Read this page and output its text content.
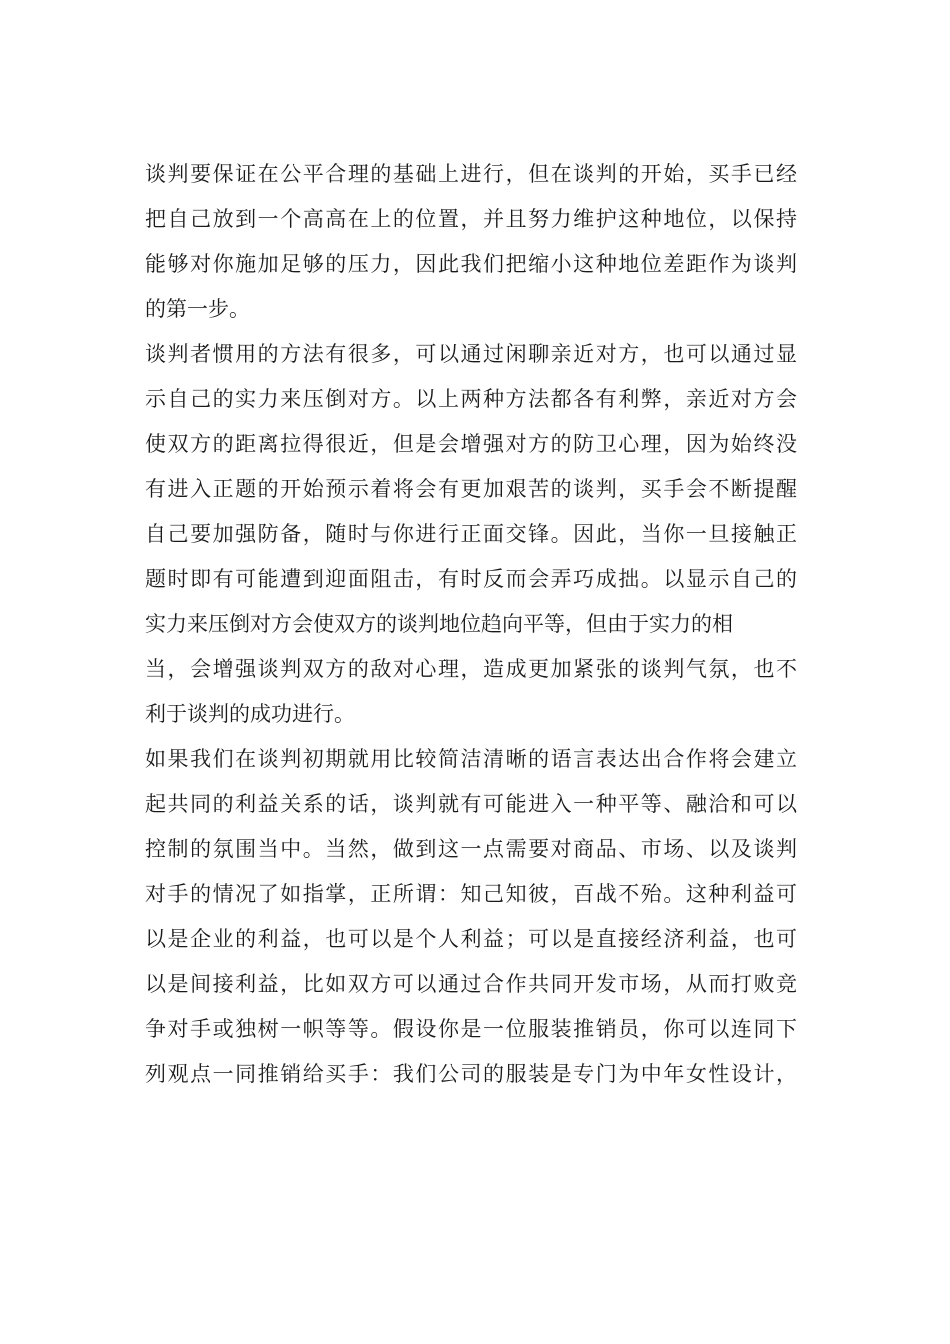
谈判要保证在公平合理的基础上进行，但在谈判的开始，买手已经
把自己放到一个高高在上的位置，并且努力维护这种地位，以保持
能够对你施加足够的压力，因此我们把缩小这种地位差距作为谈判
的第一步。
谈判者惯用的方法有很多，可以通过闲聊亲近对方，也可以通过显
示自己的实力来压倒对方。以上两种方法都各有利弊，亲近对方会
使双方的距离拉得很近，但是会增强对方的防卫心理，因为始终没
有进入正题的开始预示着将会有更加艰苦的谈判，买手会不断提醒
自己要加强防备，随时与你进行正面交锋。因此，当你一旦接触正
题时即有可能遭到迎面阻击，有时反而会弄巧成拙。以显示自己的
实力来压倒对方会使双方的谈判地位趋向平等，但由于实力的相
当，会增强谈判双方的敌对心理，造成更加紧张的谈判气氛，也不
利于谈判的成功进行。
如果我们在谈判初期就用比较简洁清晰的语言表达出合作将会建立
起共同的利益关系的话，谈判就有可能进入一种平等、融洽和可以
控制的氛围当中。当然，做到这一点需要对商品、市场、以及谈判
对手的情况了如指掌，正所谓：知己知彼，百战不殆。这种利益可
以是企业的利益，也可以是个人利益；可以是直接经济利益，也可
以是间接利益，比如双方可以通过合作共同开发市场，从而打败竞
争对手或独树一帜等等。假设你是一位服装推销员，你可以连同下
列观点一同推销给买手：我们公司的服装是专门为中年女性设计，
